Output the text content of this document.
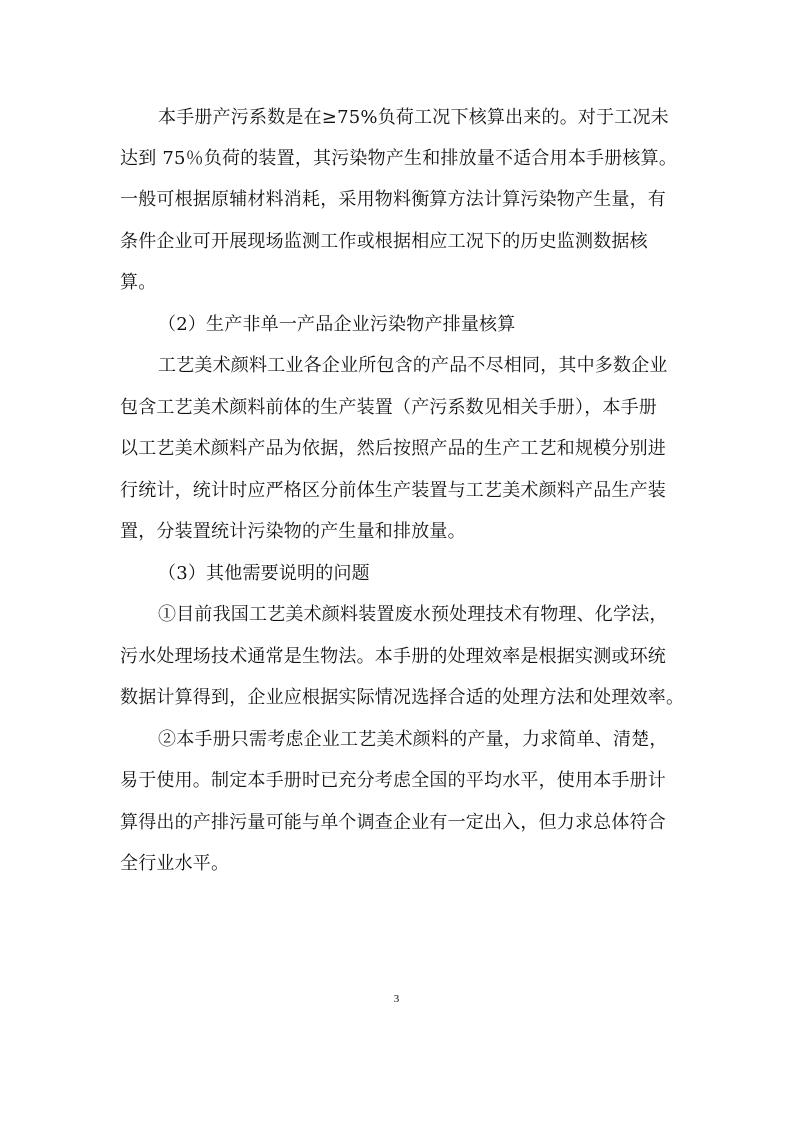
本手册产污系数是在≥75%负荷工况下核算出来的。对于工况未
达到 75％负荷的装置，其污染物产生和排放量不适合用本手册核算。
一般可根据原辅材料消耗，采用物料衡算方法计算污染物产生量，有
条件企业可开展现场监测工作或根据相应工况下的历史监测数据核
算。
（2）生产非单一产品企业污染物产排量核算
工艺美术颜料工业各企业所包含的产品不尽相同，其中多数企业
包含工艺美术颜料前体的生产装置（产污系数见相关手册），本手册
以工艺美术颜料产品为依据，然后按照产品的生产工艺和规模分别进
行统计，统计时应严格区分前体生产装置与工艺美术颜料产品生产装
置，分装置统计污染物的产生量和排放量。
（3）其他需要说明的问题
①目前我国工艺美术颜料装置废水预处理技术有物理、化学法，
污水处理场技术通常是生物法。本手册的处理效率是根据实测或环统
数据计算得到，企业应根据实际情况选择合适的处理方法和处理效率。
②本手册只需考虑企业工艺美术颜料的产量，力求简单、清楚，
易于使用。制定本手册时已充分考虑全国的平均水平，使用本手册计
算得出的产排污量可能与单个调查企业有一定出入，但力求总体符合
全行业水平。
3
